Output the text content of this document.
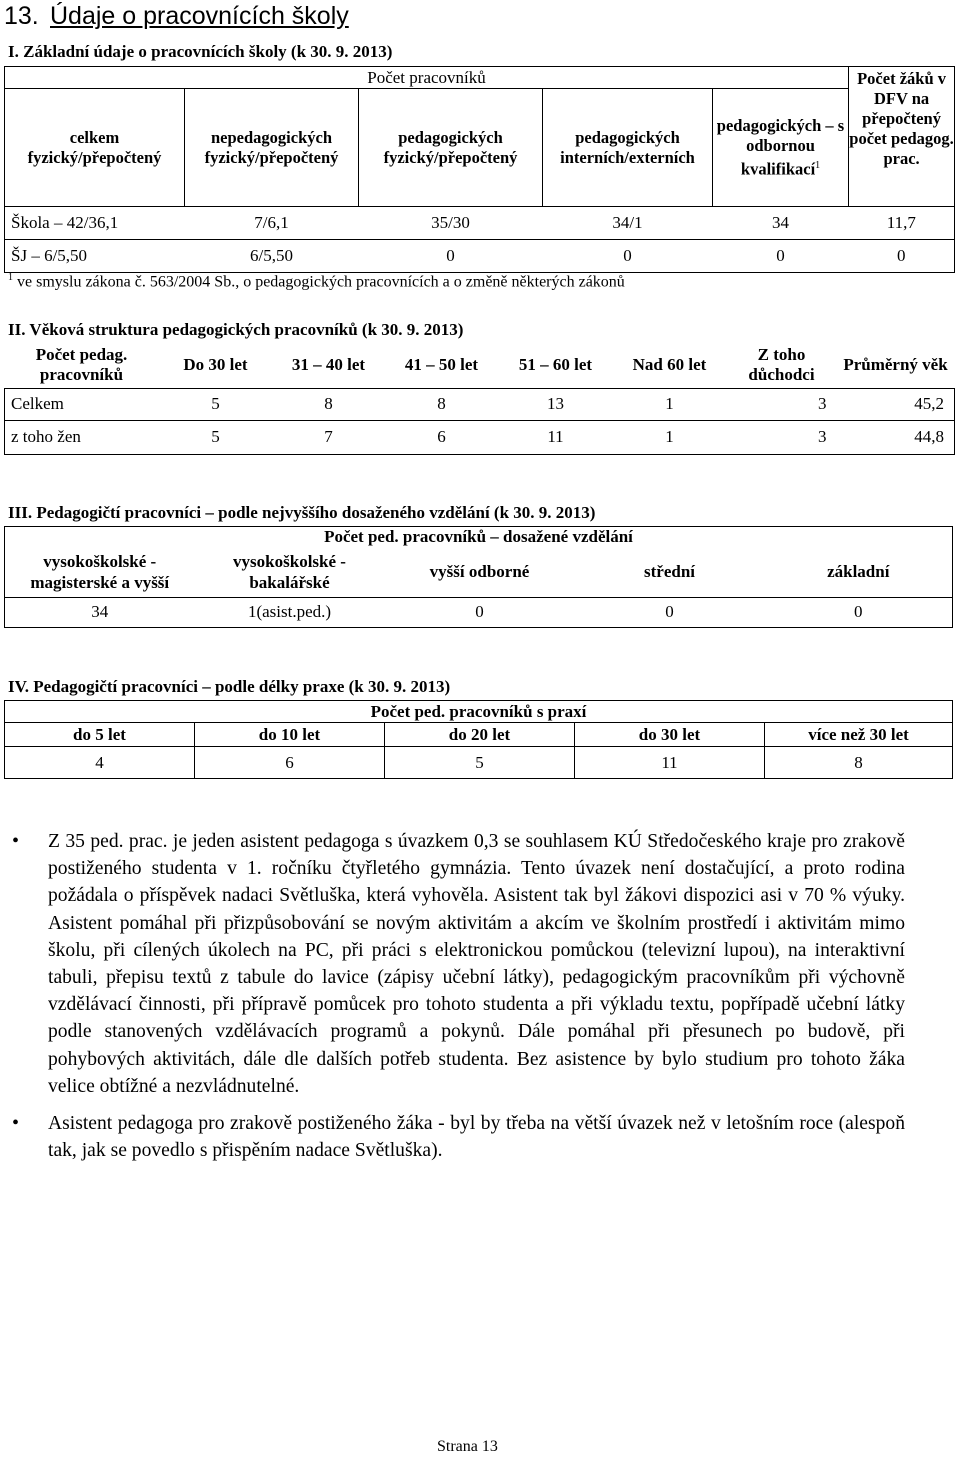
13. Údaje o pracovnících školy
I. Základní údaje o pracovnících školy (k 30. 9. 2013)
Počet pracovníků					Počet žáků v DFV na přepočtený počet pedagog. prac.
celkem fyzický/přepočtený	nepedagogických fyzický/přepočtený	pedagogických fyzický/přepočtený	pedagogických interních/externích	pedagogických – s odbornou kvalifikací$^1$
Škola – 42/36,1	7/6,1	35/30	34/1	34	11,7
ŠJ – 6/5,50	6/5,50	0	0	0	0
$^1$ ve smyslu zákona č. 563/2004 Sb., o pedagogických pracovnících a o změně některých zákonů
II. Věková struktura pedagogických pracovníků (k 30. 9. 2013)
Počet pedag. pracovníků	Do 30 let	31 – 40 let	41 – 50 let	51 – 60 let	Nad 60 let	Z toho důchodci	Průměrný věk
Celkem	5	8	8	13	1	3	45,2
z toho žen	5	7	6	11	1	3	44,8
III. Pedagogičtí pracovníci – podle nejvyššího dosaženého vzdělání (k 30. 9. 2013)
Počet ped. pracovníků – dosažené vzdělání				
vysokoškolské - magisterské a vyšší	vysokoškolské - bakalářské	vyšší odborné	střední	základní
34	1(asist.ped.)	0	0	0
IV. Pedagogičtí pracovníci – podle délky praxe (k 30. 9. 2013)
Počet ped. pracovníků s praxí				
do 5 let	do 10 let	do 20 let	do 30 let	více než 30 let
4	6	5	11	8
• Z 35 ped. prac. je jeden asistent pedagoga s úvazkem 0,3 se souhlasem KÚ Středočeského kraje pro zrakově postiženého studenta v 1. ročníku čtyřletého gymnázia. Tento úvazek není dostačující, a proto rodina požádala o příspěvek nadaci Světluška, která vyhověla. Asistent tak byl žákovi dispozici asi v 70 % výuky. Asistent pomáhal při přizpůsobování se novým aktivitám a akcím ve školním prostředí i aktivitám mimo školu, při cílených úkolech na PC, při práci s elektronickou pomůckou (televizní lupou), na interaktivní tabuli, přepisu textů z tabule do lavice (zápisy učební látky), pedagogickým pracovníkům při výchovně vzdělávací činnosti, při přípravě pomůcek pro tohoto studenta a při výkladu textu, popřípadě učební látky podle stanovených vzdělávacích programů a pokynů. Dále pomáhal při přesunech po budově, při pohybových aktivitách, dále dle dalších potřeb studenta. Bez asistence by bylo studium pro tohoto žáka velice obtížné a nezvládnutelné.
• Asistent pedagoga pro zrakově postiženého žáka - byl by třeba na větší úvazek než v letošním roce (alespoň tak, jak se povedlo s přispěním nadace Světluška).
Strana 13
